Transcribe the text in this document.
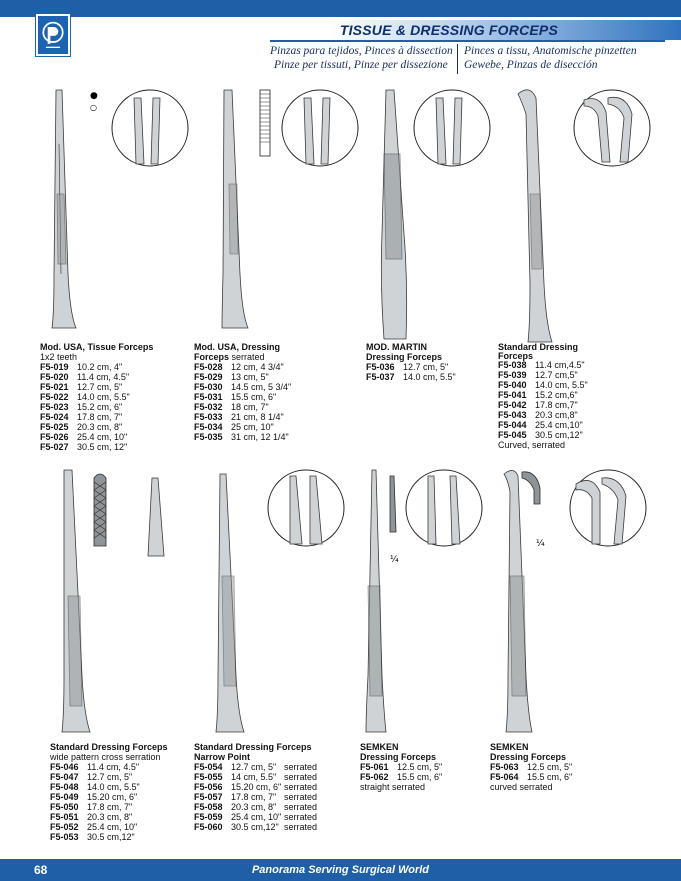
TISSUE & DRESSING FORCEPS
Pinzas para tejidos, Pinces à dissection
Pinze per tissuti, Pinze per dissezione
Pinces a tissu, Anatomische pinzetten
Gewebe, Pinzas de disección
●
○
Mod. USA, Tissue Forceps
1x2 teeth
F5-019 10.2 cm, 4"
F5-020 11.4 cm, 4.5"
F5-021 12.7 cm, 5"
F5-022 14.0 cm, 5.5"
F5-023 15.2 cm, 6"
F5-024 17.8 cm, 7"
F5-025 20.3 cm, 8"
F5-026 25.4 cm, 10"
F5-027 30.5 cm, 12"
Mod. USA, Dressing
Forceps serrated
F5-028 12 cm, 4 3/4"
F5-029 13 cm, 5"
F5-030 14.5 cm, 5 3/4"
F5-031 15.5 cm, 6"
F5-032 18 cm, 7"
F5-033 21 cm, 8 1/4"
F5-034 25 cm, 10"
F5-035 31 cm, 12 1/4"
MOD. MARTIN
Dressing Forceps
F5-036 12.7 cm, 5"
F5-037 14.0 cm, 5.5"
Standard Dressing
Forceps
F5-038 11.4 cm,4.5"
F5-039 12.7 cm,5"
F5-040 14.0 cm, 5.5"
F5-041 15.2 cm,6"
F5-042 17.8 cm,7"
F5-043 20.3 cm,8"
F5-044 25.4 cm,10"
F5-045 30.5 cm,12"
Curved, serrated
¼
¼
Standard Dressing Forceps
wide pattern cross serration
F5-046 11.4 cm, 4.5"
F5-047 12.7 cm, 5"
F5-048 14.0 cm, 5.5"
F5-049 15.20 cm, 6"
F5-050 17.8 cm, 7"
F5-051 20.3 cm, 8"
F5-052 25.4 cm, 10"
F5-053 30.5 cm,12"
Standard Dressing Forceps
Narrow Point
F5-054 12.7 cm, 5" serrated
F5-055 14 cm, 5.5" serrated
F5-056 15.20 cm, 6" serrated
F5-057 17.8 cm, 7" serrated
F5-058 20.3 cm, 8" serrated
F5-059 25.4 cm, 10" serrated
F5-060 30.5 cm,12" serrated
SEMKEN
Dressing Forceps
F5-061 12.5 cm, 5"
F5-062 15.5 cm, 6"
straight serrated
SEMKEN
Dressing Forceps
F5-063 12.5 cm, 5"
F5-064 15.5 cm, 6"
curved serrated
68	Panorama Serving Surgical World
